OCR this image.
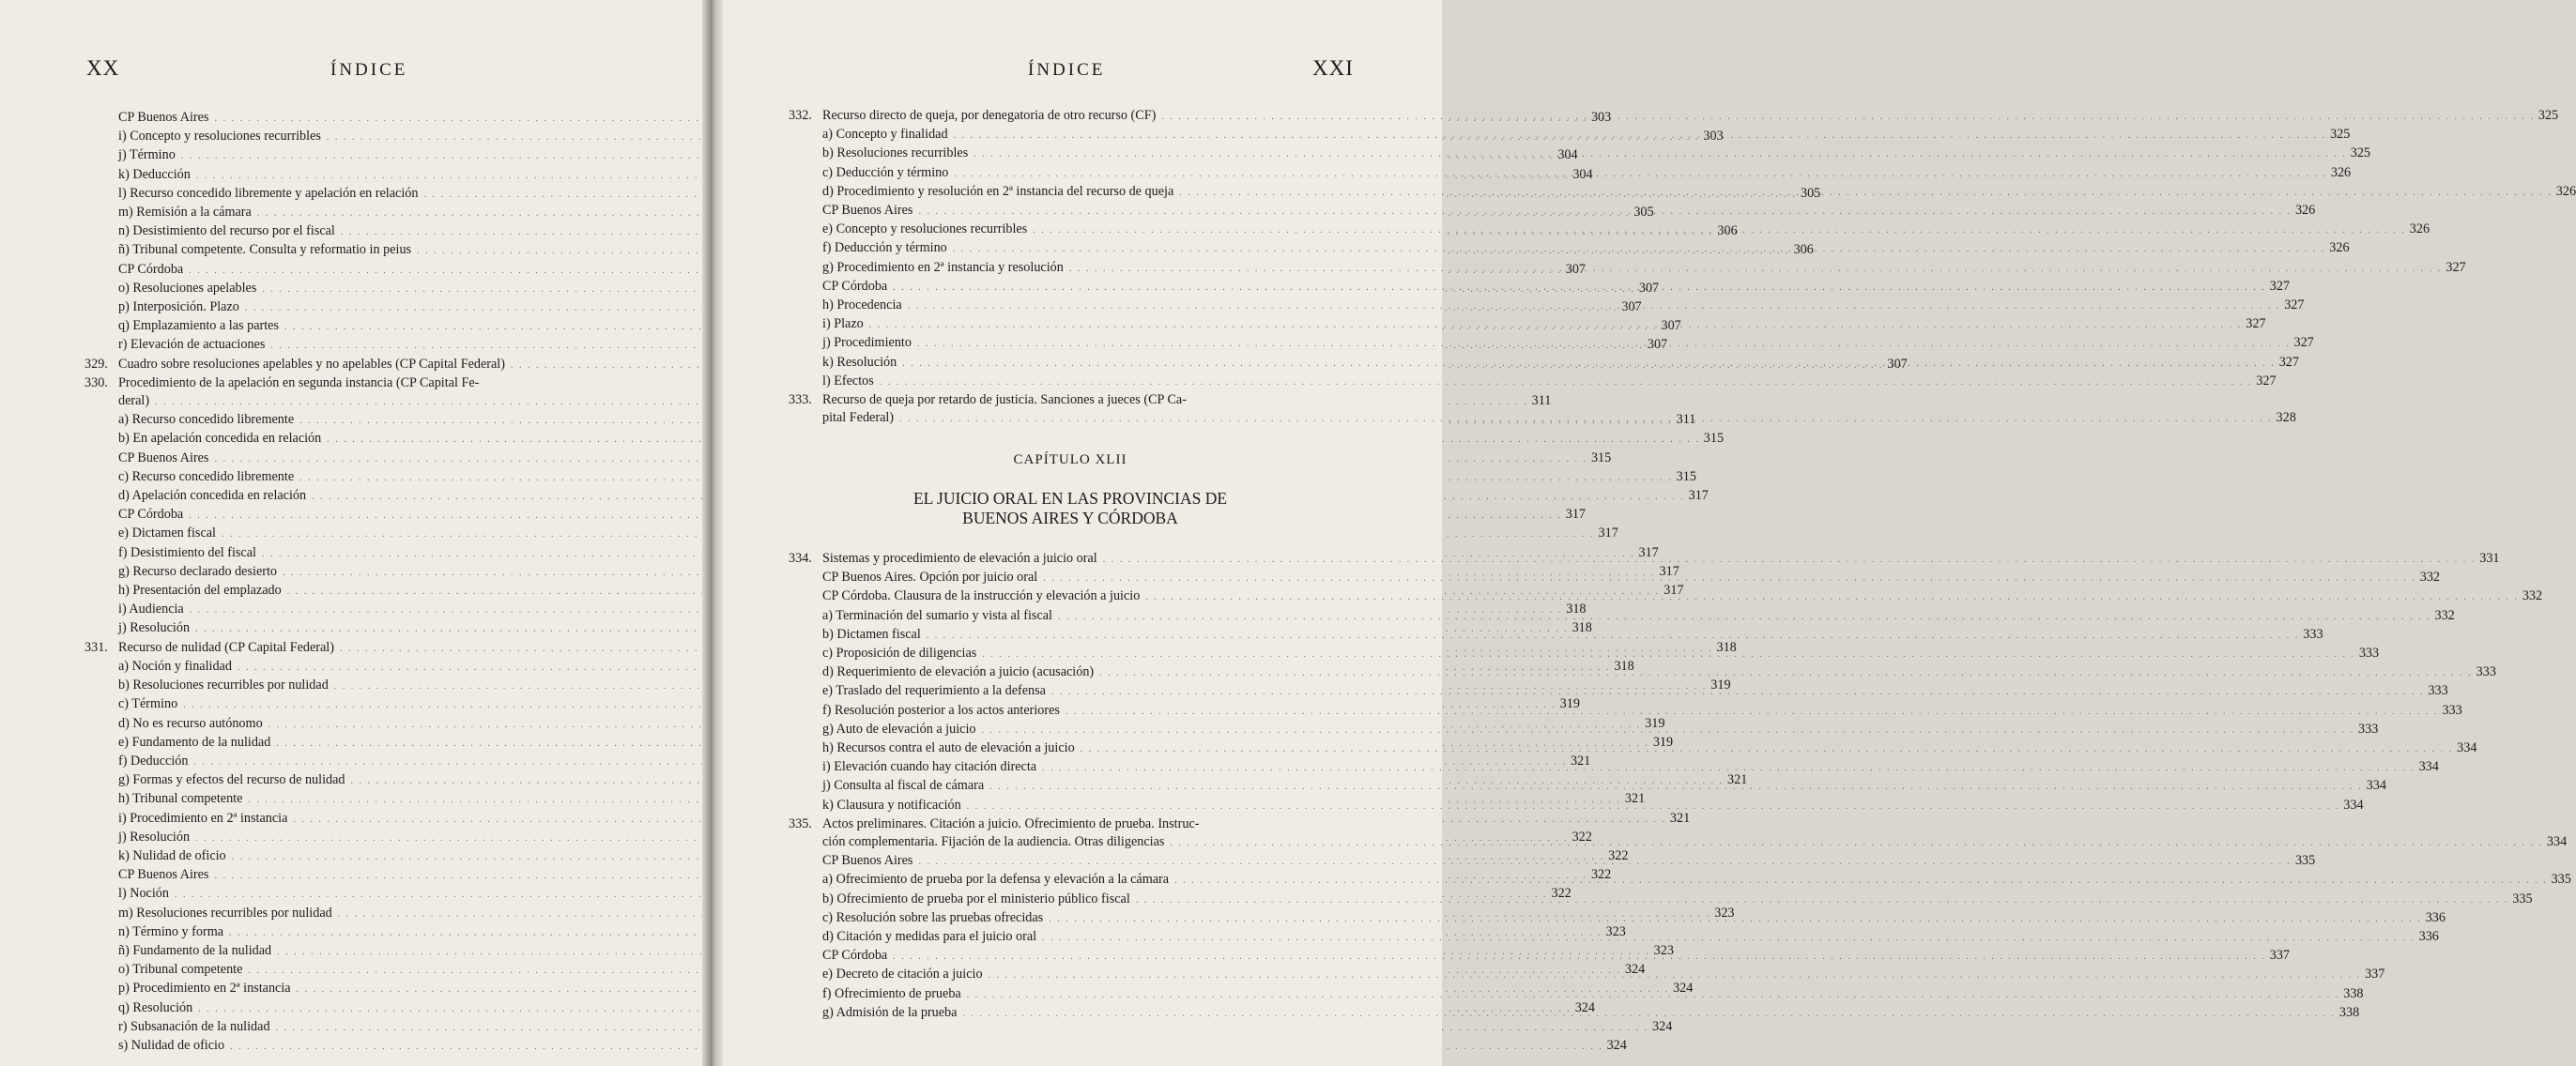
XX	ÍNDICE
CP Buenos Aires . . .	303
i) Concepto y resoluciones recurribles . . .	303
j) Término . . .	304
k) Deducción . . .	304
l) Recurso concedido libremente y apelación en relación . . .	305
m) Remisión a la cámara . . .	305
n) Desistimiento del recurso por el fiscal . . .	306
ñ) Tribunal competente. Consulta y reformatio in peius . . .	306
CP Córdoba . . .	307
o) Resoluciones apelables . . .	307
p) Interposición. Plazo . . .	307
q) Emplazamiento a las partes . . .	307
r) Elevación de actuaciones . . .	307
329. Cuadro sobre resoluciones apelables y no apelables (CP Capital Federal) . . .	307
330. Procedimiento de la apelación en segunda instancia (CP Capital Fe-
deral) . . .	311
a) Recurso concedido libremente . . .	311
b) En apelación concedida en relación . . .	315
CP Buenos Aires . . .	315
c) Recurso concedido libremente . . .	315
d) Apelación concedida en relación . . .	317
CP Córdoba . . .	317
e) Dictamen fiscal . . .	317
f) Desistimiento del fiscal . . .	317
g) Recurso declarado desierto . . .	317
h) Presentación del emplazado . . .	317
i) Audiencia . . .	318
j) Resolución . . .	318
331. Recurso de nulidad (CP Capital Federal) . . .	318
a) Noción y finalidad . . .	318
b) Resoluciones recurribles por nulidad . . .	319
c) Término . . .	319
d) No es recurso autónomo . . .	319
e) Fundamento de la nulidad . . .	319
f) Deducción . . .	321
g) Formas y efectos del recurso de nulidad . . .	321
h) Tribunal competente . . .	321
i) Procedimiento en 2ª instancia . . .	321
j) Resolución . . .	322
k) Nulidad de oficio . . .	322
CP Buenos Aires . . .	322
l) Noción . . .	322
m) Resoluciones recurribles por nulidad . . .	323
n) Término y forma . . .	323
ñ) Fundamento de la nulidad . . .	323
o) Tribunal competente . . .	324
p) Procedimiento en 2ª instancia . . .	324
q) Resolución . . .	324
r) Subsanación de la nulidad . . .	324
s) Nulidad de oficio . . .	324
ÍNDICE	XXI
332. Recurso directo de queja, por denegatoria de otro recurso (CF) . . .	325
a) Concepto y finalidad . . .	325
b) Resoluciones recurribles . . .	325
c) Deducción y término . . .	326
d) Procedimiento y resolución en 2ª instancia del recurso de queja . . .	326
CP Buenos Aires . . .	326
e) Concepto y resoluciones recurribles . . .	326
f) Deducción y término . . .	326
g) Procedimiento en 2ª instancia y resolución . . .	327
CP Córdoba . . .	327
h) Procedencia . . .	327
i) Plazo . . .	327
j) Procedimiento . . .	327
k) Resolución . . .	327
l) Efectos . . .	327
333. Recurso de queja por retardo de justicia. Sanciones a jueces (CP Ca-
pital Federal) . . .	328
CAPÍTULO XLII
EL JUICIO ORAL EN LAS PROVINCIAS DE
BUENOS AIRES Y CÓRDOBA
334. Sistemas y procedimiento de elevación a juicio oral . . .	331
CP Buenos Aires. Opción por juicio oral . . .	332
CP Córdoba. Clausura de la instrucción y elevación a juicio . . .	332
a) Terminación del sumario y vista al fiscal . . .	332
b) Dictamen fiscal . . .	333
c) Proposición de diligencias . . .	333
d) Requerimiento de elevación a juicio (acusación) . . .	333
e) Traslado del requerimiento a la defensa . . .	333
f) Resolución posterior a los actos anteriores . . .	333
g) Auto de elevación a juicio . . .	333
h) Recursos contra el auto de elevación a juicio . . .	334
i) Elevación cuando hay citación directa . . .	334
j) Consulta al fiscal de cámara . . .	334
k) Clausura y notificación . . .	334
335. Actos preliminares. Citación a juicio. Ofrecimiento de prueba. Instruc-
ción complementaria. Fijación de la audiencia. Otras diligencias . . .	334
CP Buenos Aires . . .	335
a) Ofrecimiento de prueba por la defensa y elevación a la cámara . . .	335
b) Ofrecimiento de prueba por el ministerio público fiscal . . .	335
c) Resolución sobre las pruebas ofrecidas . . .	336
d) Citación y medidas para el juicio oral . . .	336
CP Córdoba . . .	337
e) Decreto de citación a juicio . . .	337
f) Ofrecimiento de prueba . . .	338
g) Admisión de la prueba . . .	338
